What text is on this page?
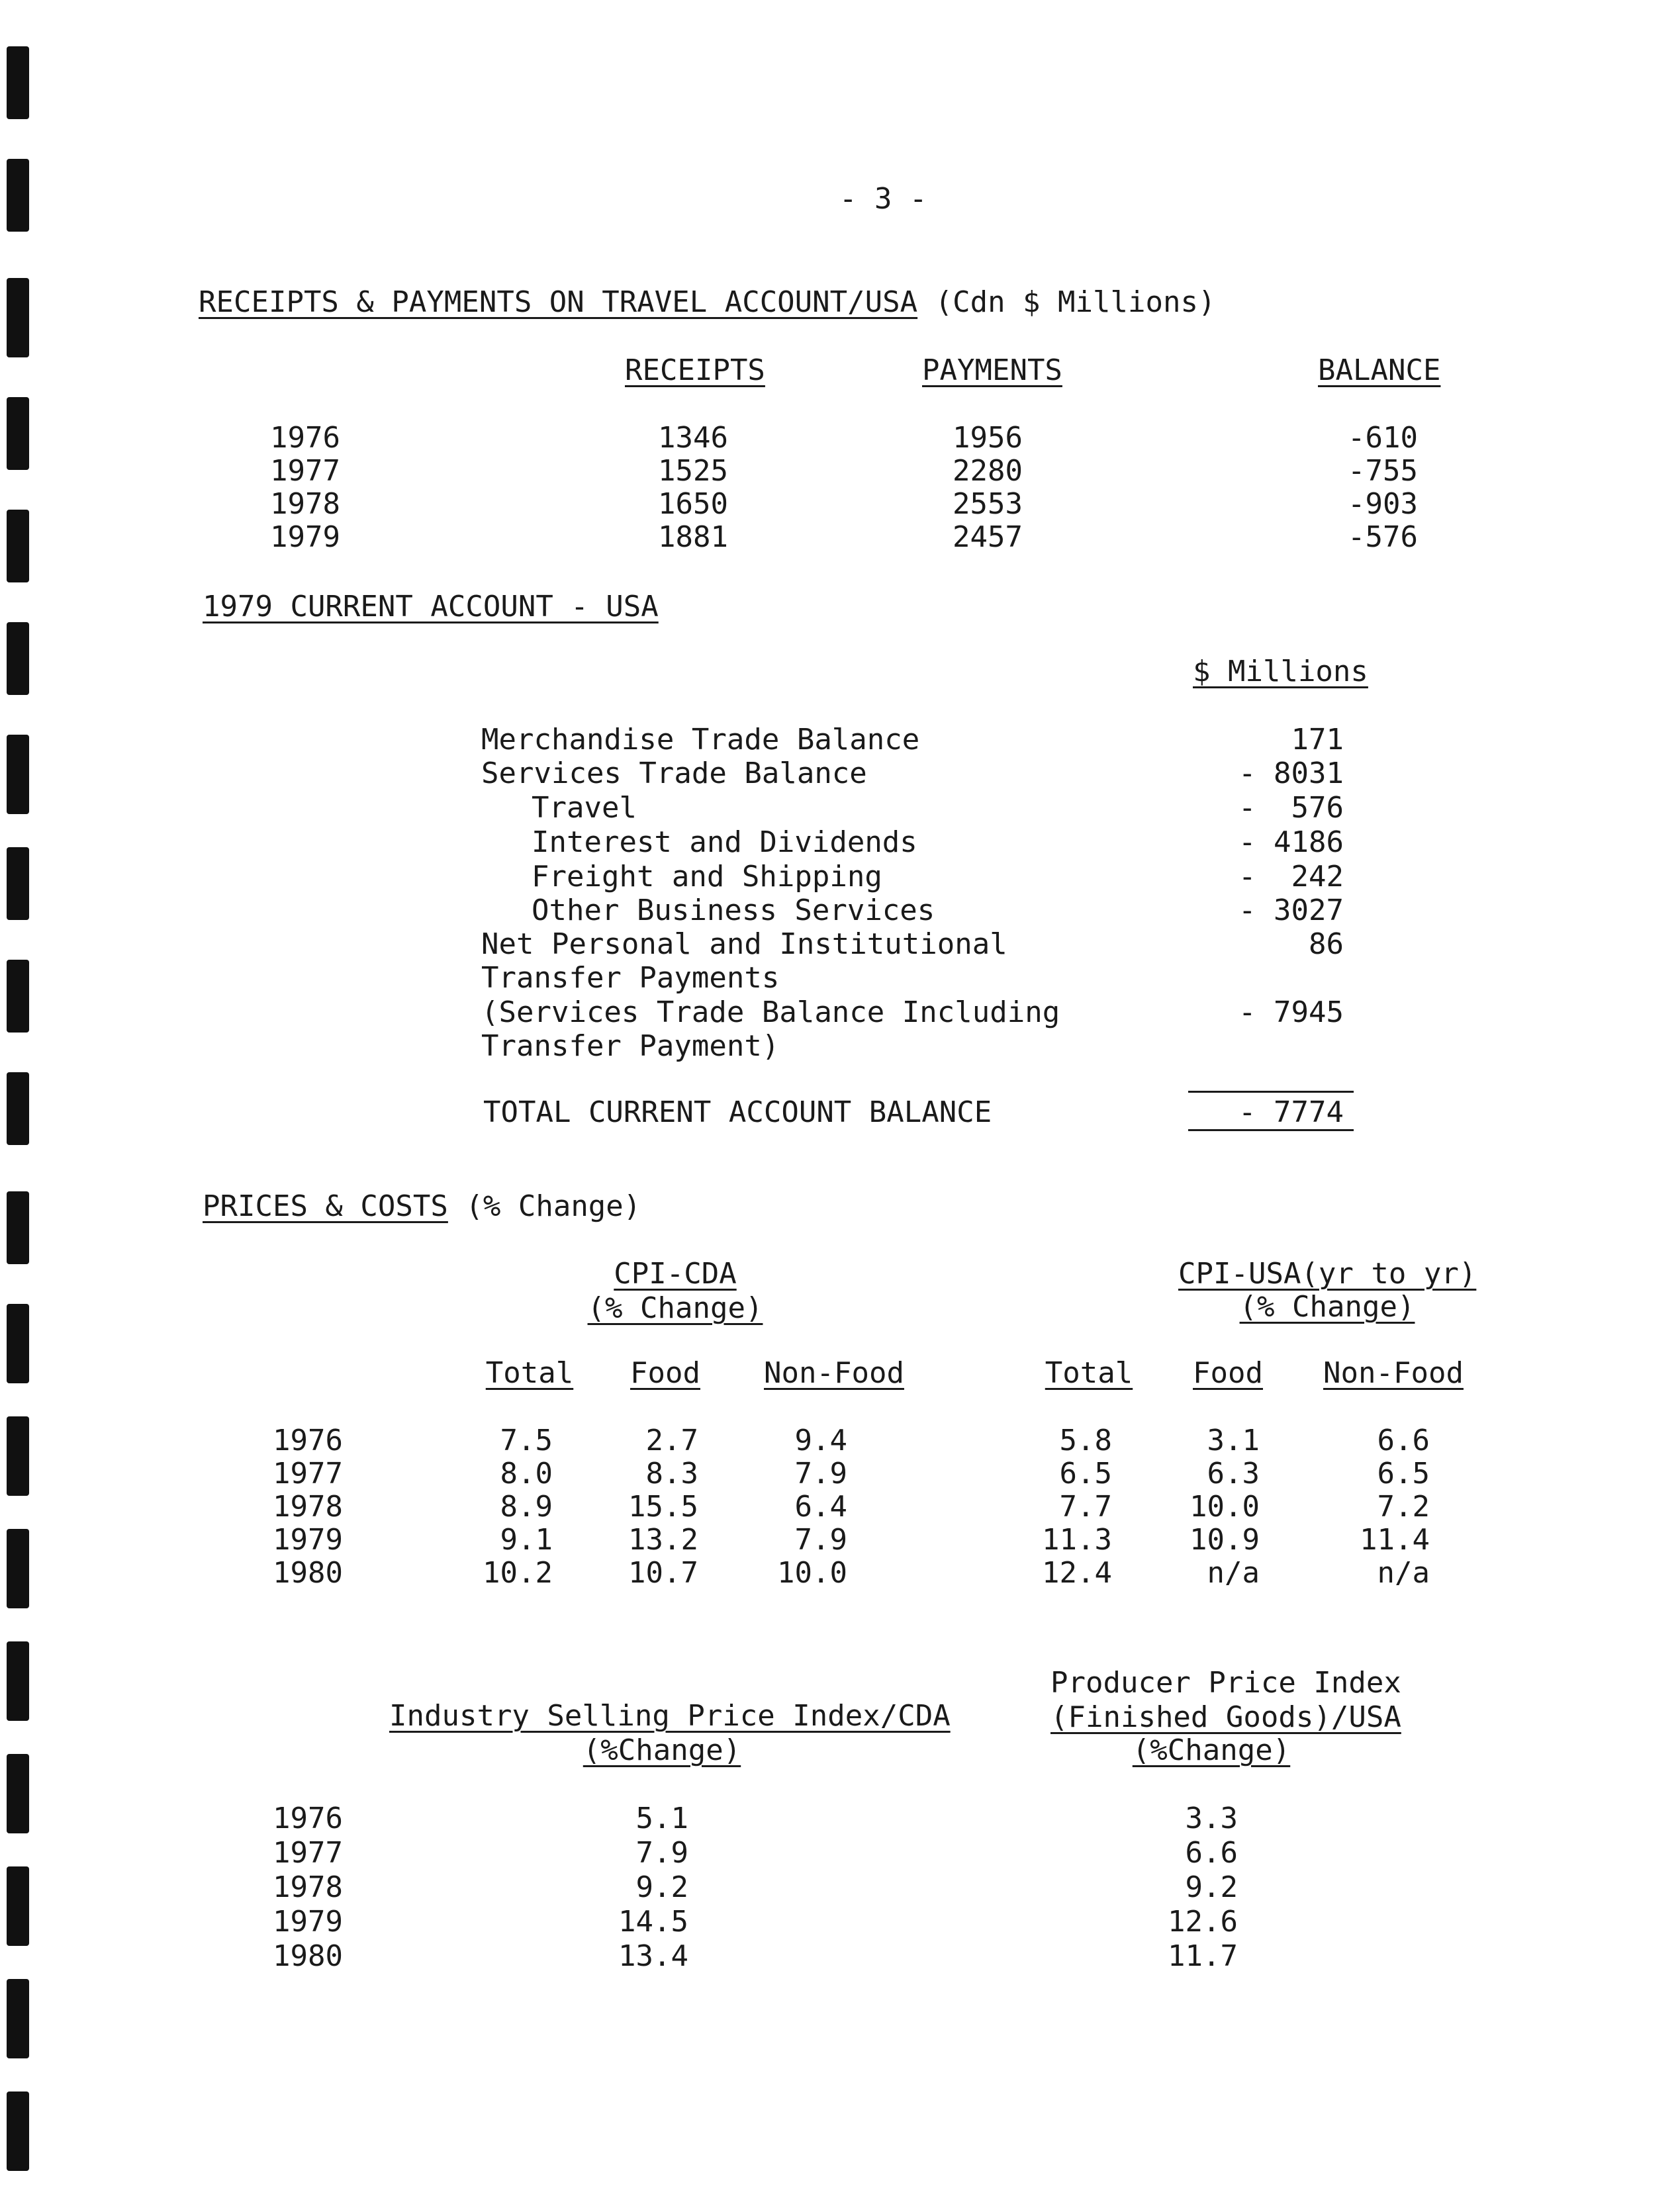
- 3 -
RECEIPTS & PAYMENTS ON TRAVEL ACCOUNT/USA (Cdn $ Millions)
RECEIPTS	PAYMENTS	BALANCE
1976	1346	1956	-610
1977	1525	2280	-755
1978	1650	2553	-903
1979	1881	2457	-576
1979 CURRENT ACCOUNT - USA
$ Millions
Merchandise Trade Balance	171
Services Trade Balance	- 8031
Travel	-  576
Interest and Dividends	- 4186
Freight and Shipping	-  242
Other Business Services	- 3027
Net Personal and Institutional	86
Transfer Payments
(Services Trade Balance Including	- 7945
Transfer Payment)
TOTAL CURRENT ACCOUNT BALANCE	- 7774
PRICES & COSTS (% Change)
CPI-CDA
(% Change)
CPI-USA(yr to yr)
(% Change)
Total	Food	Non-Food	Total	Food	Non-Food
1976	7.5	2.7	9.4	5.8	3.1	6.6
1977	8.0	8.3	7.9	6.5	6.3	6.5
1978	8.9	15.5	6.4	7.7	10.0	7.2
1979	9.1	13.2	7.9	11.3	10.9	11.4
1980	10.2	10.7	10.0	12.4	n/a	n/a
Industry Selling Price Index/CDA
(%Change)
Producer Price Index
(Finished Goods)/USA
(%Change)
1976	5.1	3.3
1977	7.9	6.6
1978	9.2	9.2
1979	14.5	12.6
1980	13.4	11.7
